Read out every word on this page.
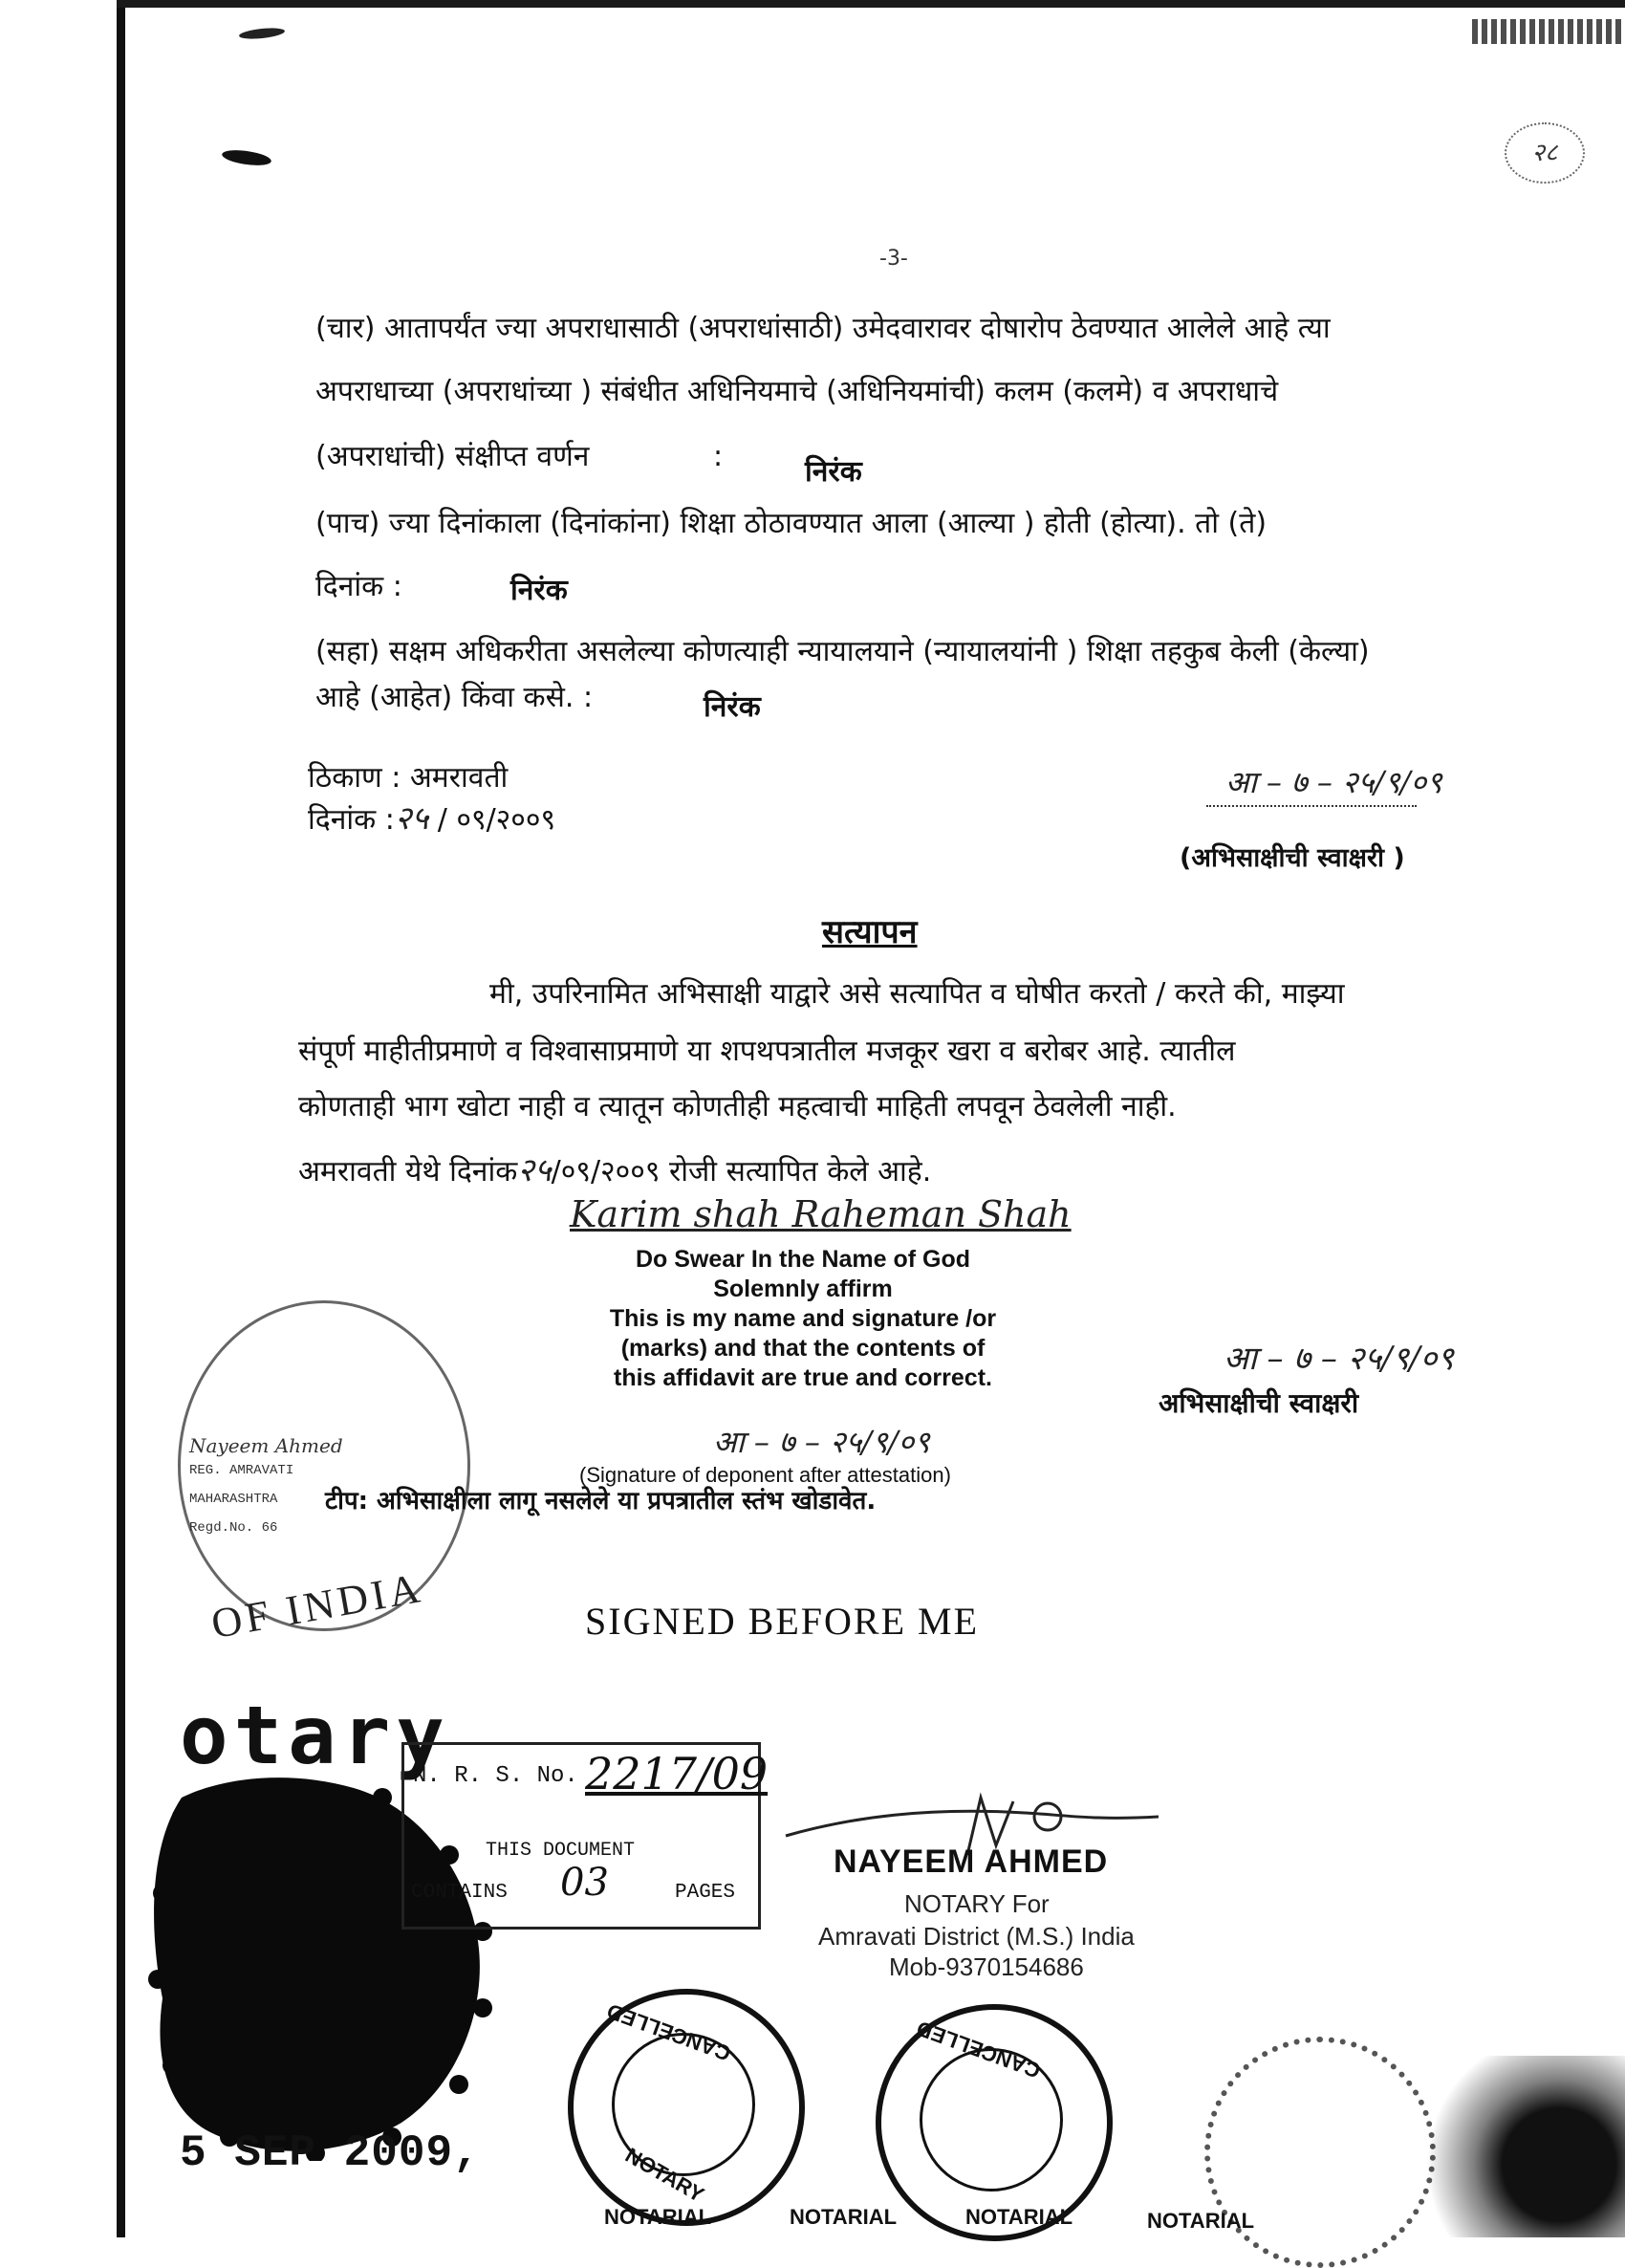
२८
-3-
(चार) आतापर्यंत ज्या अपराधासाठी (अपराधांसाठी) उमेदवारावर दोषारोप ठेवण्यात आलेले आहे त्या
अपराधाच्या (अपराधांच्या ) संबंधीत अधिनियमाचे (अधिनियमांची) कलम (कलमे) व अपराधाचे
(अपराधांची) संक्षीप्त वर्णन	:	निरंक
(पाच) ज्या दिनांकाला (दिनांकांना) शिक्षा ठोठावण्यात आला (आल्या ) होती (होत्या). तो (ते)
दिनांक :	निरंक
(सहा) सक्षम अधिकरीता असलेल्या कोणत्याही न्यायालयाने (न्यायालयांनी ) शिक्षा तहकुब केली (केल्या)
आहे (आहेत) किंवा कसे. :	निरंक
ठिकाण : अमरावती
दिनांक :२५ / ०९/२००९
आ – ७ – २५/९/०९
(अभिसाक्षीची स्वाक्षरी )
सत्यापन
मी, उपरिनामित अभिसाक्षी याद्वारे असे सत्यापित व घोषीत करतो / करते की, माझ्या
संपूर्ण माहीतीप्रमाणे व विश्वासाप्रमाणे या शपथपत्रातील मजकूर खरा व बरोबर आहे. त्यातील
कोणताही भाग खोटा नाही व त्यातून कोणतीही महत्वाची माहिती लपवून ठेवलेली नाही.
अमरावती येथे दिनांक२५/०९/२००९ रोजी सत्यापित केले आहे.
Karim shah Raheman Shah
Do Swear In the Name of God
Solemnly affirm
This is my name and signature /or
(marks) and that the contents of
this affidavit are true and correct.	आ – ७ – २५/९/०९
अभिसाक्षीची स्वाक्षरी
आ – ७ – २५/९/०९
(Signature of deponent after attestation)
Nayeem Ahmed
REG. AMRAVATI
MAHARASHTRA
Regd.No. 66
OF INDIA
टीप: अभिसाक्षीला लागू नसलेले या प्रपत्रातील स्तंभ खोडावेत.
SIGNED BEFORE ME
otary
5 SEP 2009,
N. R. S. No. 2217/09
THIS DOCUMENT
CONTAINS 03	PAGES
NAYEEM AHMED
NOTARY For
Amravati District (M.S.) India
Mob-9370154686
CANCELLED
NOTARY
CANCELLED
NOTARIAL	NOTARIAL	NOTARIAL	NOTARIAL
